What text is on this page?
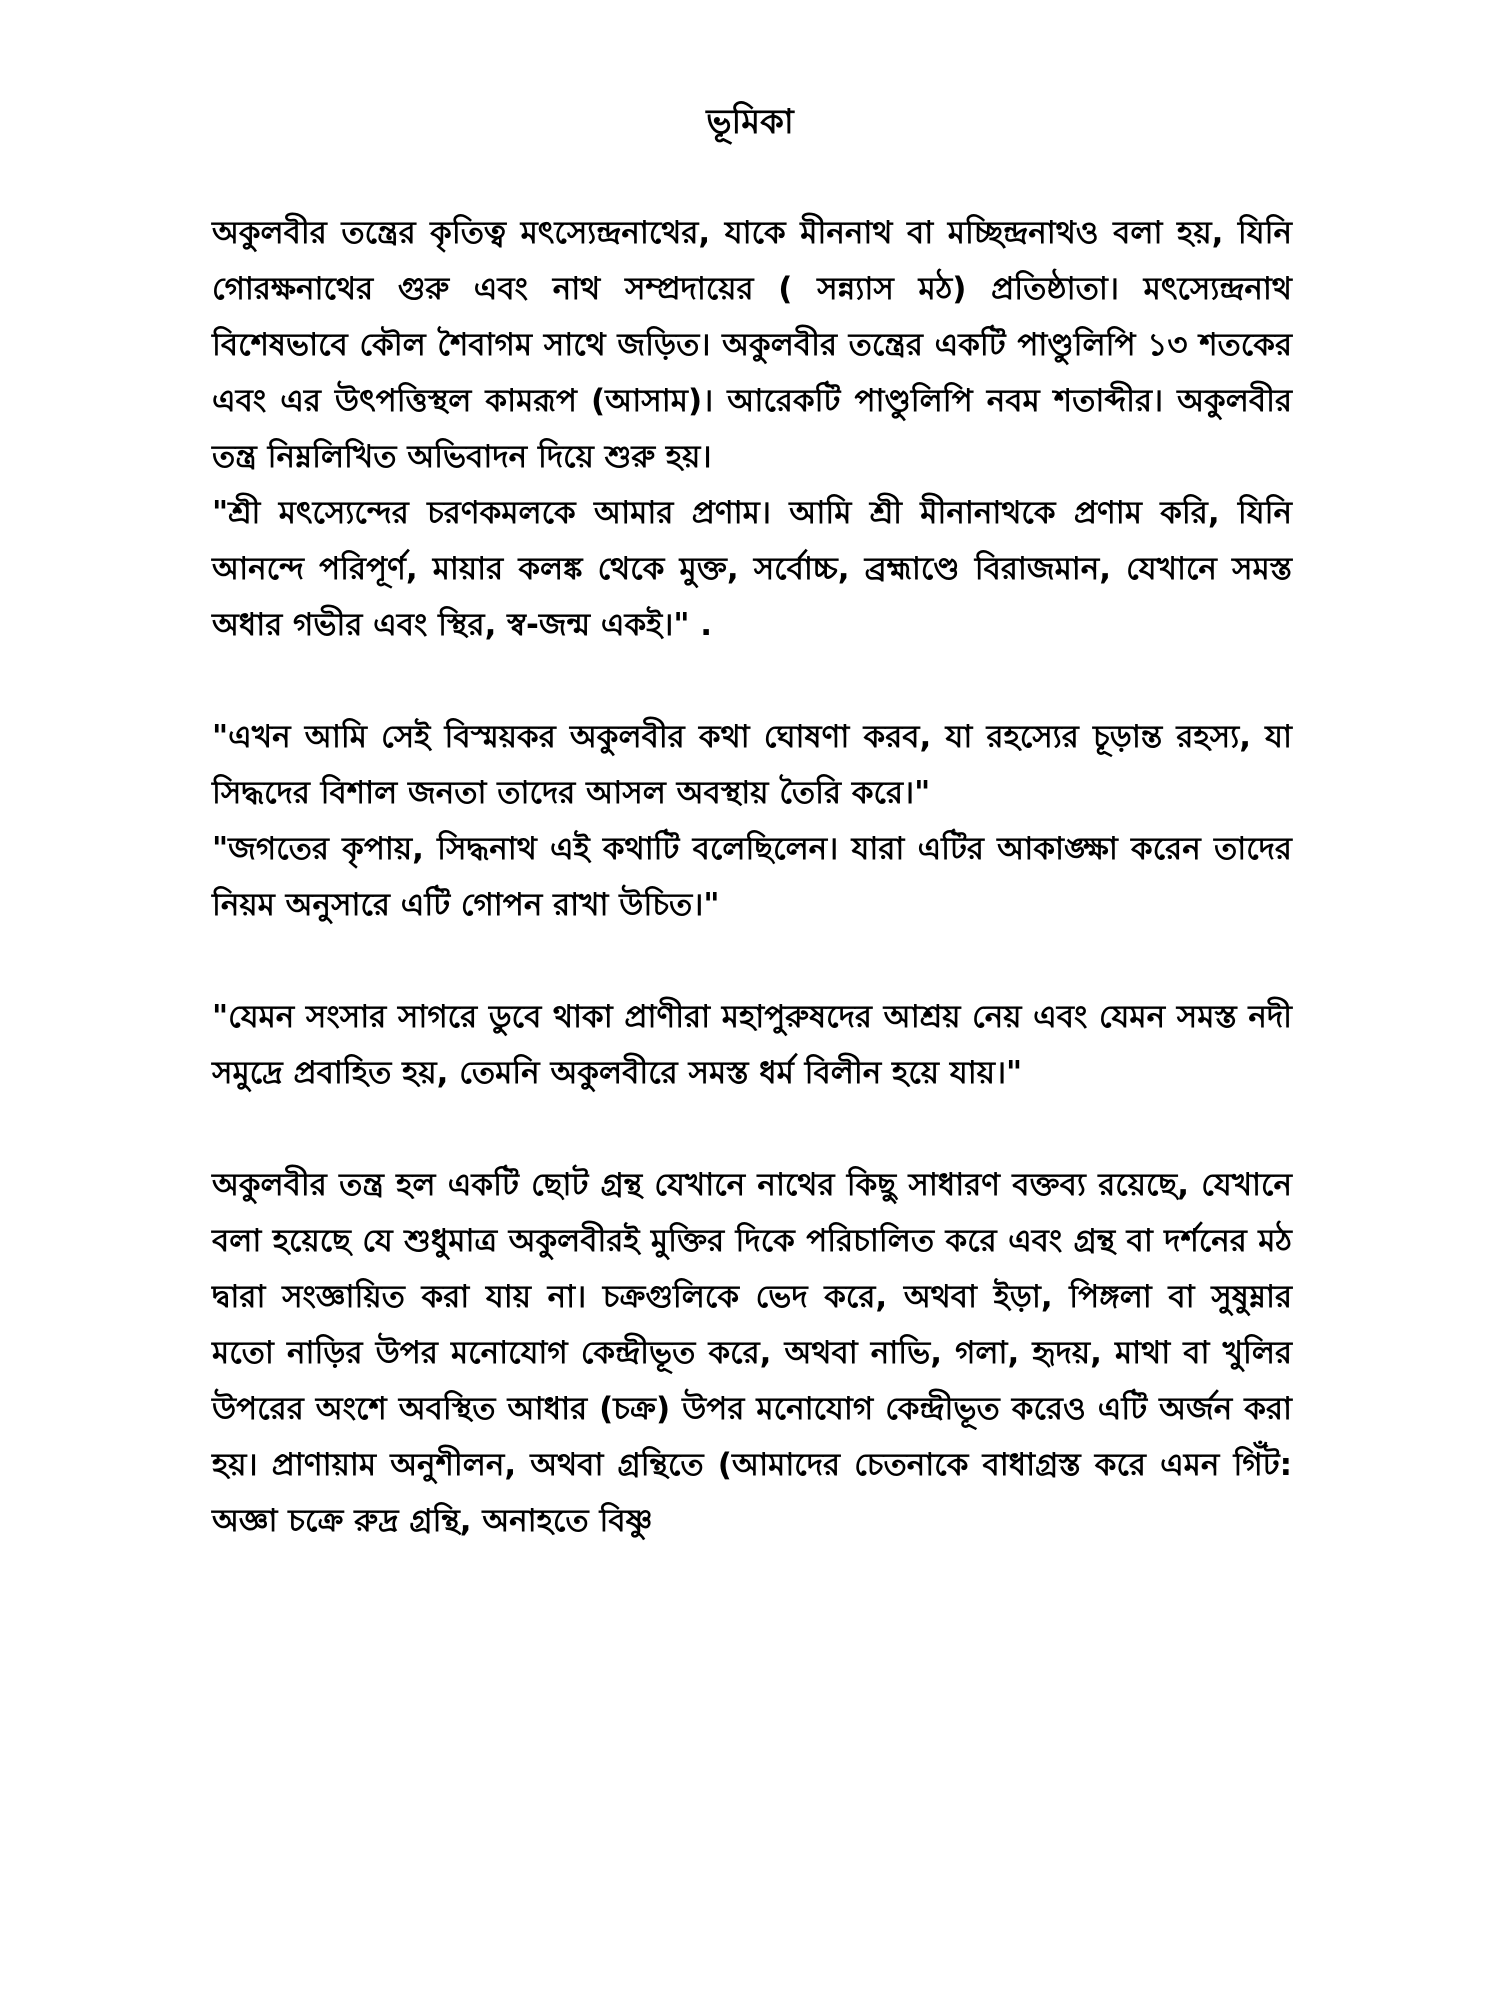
ভূমিকা

অকুলবীর তন্ত্রের কৃতিত্ব মৎস্যেন্দ্রনাথের, যাকে মীননাথ বা মচ্ছিন্দ্রনাথও বলা হয়, যিনি গোরক্ষনাথের গুরু এবং নাথ সম্প্রদায়ের ( সন্ন্যাস মঠ) প্রতিষ্ঠাতা। মৎস্যেন্দ্রনাথ বিশেষভাবে কৌল শৈবাগম সাথে জড়িত। অকুলবীর তন্ত্রের একটি পাণ্ডুলিপি ১৩ শতকের এবং এর উৎপত্তিস্থল কামরূপ (আসাম)। আরেকটি পাণ্ডুলিপি নবম শতাব্দীর। অকুলবীর তন্ত্র নিম্নলিখিত অভিবাদন দিয়ে শুরু হয়।

"শ্রী মৎস্যেন্দের চরণকমলকে আমার প্রণাম। আমি শ্রী মীনানাথকে প্রণাম করি, যিনি আনন্দে পরিপূর্ণ, মায়ার কলঙ্ক থেকে মুক্ত, সর্বোচ্চ, ব্রহ্মাণ্ডে বিরাজমান, যেখানে সমস্ত অধার গভীর এবং স্থির, স্ব-জন্ম একই।" .

"এখন আমি সেই বিস্ময়কর অকুলবীর কথা ঘোষণা করব, যা রহস্যের চূড়ান্ত রহস্য, যা সিদ্ধদের বিশাল জনতা তাদের আসল অবস্থায় তৈরি করে।"

"জগতের কৃপায়, সিদ্ধনাথ এই কথাটি বলেছিলেন। যারা এটির আকাঙ্ক্ষা করেন তাদের নিয়ম অনুসারে এটি গোপন রাখা উচিত।"

"যেমন সংসার সাগরে ডুবে থাকা প্রাণীরা মহাপুরুষদের আশ্রয় নেয় এবং যেমন সমস্ত নদী সমুদ্রে প্রবাহিত হয়, তেমনি অকুলবীরে সমস্ত ধর্ম বিলীন হয়ে যায়।"

অকুলবীর তন্ত্র হল একটি ছোট গ্রন্থ যেখানে নাথের কিছু সাধারণ বক্তব্য রয়েছে, যেখানে বলা হয়েছে যে শুধুমাত্র অকুলবীরই মুক্তির দিকে পরিচালিত করে এবং গ্রন্থ বা দর্শনের মঠ দ্বারা সংজ্ঞায়িত করা যায় না। চক্রগুলিকে ভেদ করে, অথবা ইড়া, পিঙ্গলা বা সুষুম্নার মতো নাড়ির উপর মনোযোগ কেন্দ্রীভূত করে, অথবা নাভি, গলা, হৃদয়, মাথা বা খুলির উপরের অংশে অবস্থিত আধার (চক্র) উপর মনোযোগ কেন্দ্রীভূত করেও এটি অর্জন করা হয়। প্রাণায়াম অনুশীলন, অথবা গ্রন্থিতে (আমাদের চেতনাকে বাধাগ্রস্ত করে এমন গিঁট: অজ্ঞা চক্রে রুদ্র গ্রন্থি, অনাহতে বিষ্ণু
